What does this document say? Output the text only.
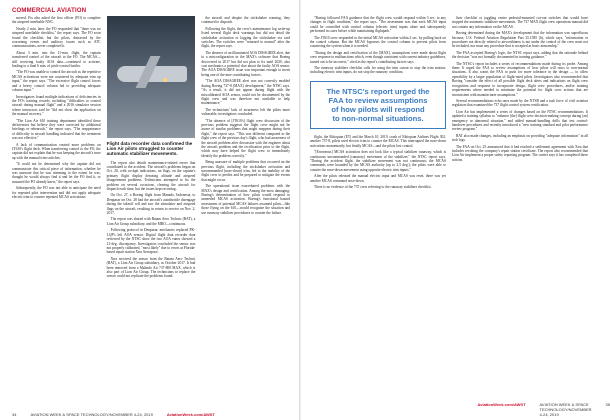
COMMERCIAL AVIATION

moved, Fix also asked the first officer (FO) to complete the airspeed unreliable NNC.

Nearly 2 min. later, the FO responded that "there was no airspeed unreliable checklist," the report says. The FO soon found the checklist, but the pilots, distracted by the worsening events and auditory issues such as ATC communications, never completed it.

About 3 min. into the 11-min. flight, the captain transferred control of the aircraft to the FO. The MCAS—still receiving faulty AOA data—continued to activate, leading to a final 6 min. of pitch-control battles.

"The FO was unable to control the aircraft as the repetitive MCAS activations were not countered by adequate trim up input," the report says. "The excessive flight control forces and a heavy control column led to providing adequate column input."

Investigators found multiple indications of deficiencies in the FO's training records, including "difficulties to control aircraft during manual flight" and a 2016 simulator session where instructors said he "did not show the application on the manual recovery."

"The Lion Air 610 training department identified these deficiencies but believe they were corrected by additional briefings or rehearsals," the report says. "The reappearance of difficulty to aircraft handling indicated that the treatment was not effective."

A lack of communication created more problems on JT610's flight deck. When transferring control to the FO, the captain did not explain that he was keeping the aircraft's nose up with the manual trim switches.

"It could not be determined why the captain did not communicate this critical piece of information, whether he was unaware that he was trimming to the extent he was, thought he would always find it and let the FO find it, or assumed the FO already knew," the report says.

Subsequently, the FO was not able to anticipate the need for repeated pilot intervention and did not apply adequate electric trim to counter repeated MCAS activations.

Flight data recorder data confirmed the Lion Air pilots struggled to counter automatic stabilizer movements.

The report also details maintenance-related errors that contributed to the accident. The aircraft's problems began on Oct. 26, with cockpit indications, on flags, on the captain's primary flight display denoting altitude and airspeed disagreement problems. Technicians attempted to fix the problem on several occasions, clearing the aircraft for dispatch each time, but the issues kept recurring.

On Oct. 27, a Boeing flight from Manado, Indonesia, to Denpasar on Oct. 28 had the aircraft's autothrottle disengage during the takeoff roll and saw the stimulator and airspeed flags on the aircraft, resulting in return to service on Nov. 2, 2017.

The report was shared with Batam Aero Technic (BAT), a Lion Air Group subsidiary, and the MRO—continuous.

Following protocol in Denpasar, mechanics replaced PK-LQP's left AOA sensor. Digital flight data recorder data reviewed by the NTSC show the two AOA vanes showed a 21-deg. discrepancy. Investigators concluded the sensor was not properly calibrated, "most likely" due to errors at Florida-based repair station Xtra Aerospace.

Xtra received the sensor from the Batam Aero Technic (BAT), a Lion Air Group subsidiary, in October 2017. It had been removed from a Malindo Air 737-800 MAX, which is also part of Lion Air Group. The technicians to replace the sensor could not replicate the problems found.

the aircraft and despite the stickshaker warning, they continued to dispatch.

Following the flight, the crew's maintenance log write-up listed several flight deck warnings but did not detail the stickshaker activation or logging the stickshaker via card switches. The switches were "returned to normal" after the flight, the report says.

The absence of an illuminated AOA DISAGREE alert, due to a misconfiguration in the MAX's software that Boeing discovered in 2017 but did not plan to fix until 2020, also cost mechanics a potential clue about the faulty AOA sensor. The AOA DISAGREE issue was important enough to merit being one of the nine contributing factors.

"The AOA DISAGREE alert was not correctly enabled during Boeing 737-8 (MAX) development," the NTSC says. "As a result, it did not appear during flight with the miscalibrated AOA sensor, could not be documented by the flight crew and was therefore not available to help maintenance."

The technicians' lack of awareness left the pilots more vulnerable, investigators concluded.

"The absence of [JT610's] flight crew discussion of the previous problem suggests the flight crew might not be aware of similar problems that might reappear during their flight," the report says. "This was different compared to the flight crew of the previous day's flight, who had awareness of the aircraft problem after discussion with the engineer about the aircraft problem and the rectification prior to the flight, which may have helped the flight crew to immediately identify the problem correctly."

Being unaware of multiple problems that occurred on the previous flight, including the stickshaker activation and uncommanded (nose-down) trim, led to the inability of the flight crew to predict and be prepared to mitigate the events that might occur.

The operational issue exacerbated problems with the MAX's design and certification. Among the most damaging: Boeing's determination of how pilots would respond to unneeded MCAS activation. Boeing's functional hazard assessment of potential MCAS failures assumed pilots—like those flying on the 610—would recognize the situation and use runaway stabilizer procedures to counter the failure.

34	AVIATION WEEK & SPACE TECHNOLOGY/NOVEMBER 4-24, 2019	AviationWeek.com/AWST

"Boeing followed FAA guidance that the flight crew would respond within 3 sec. to any changes in flight condition," the report says. "The assessment was that each MCAS input could be controlled with control column (electric trim) inputs alone and subsequently performed in cases before while maintaining flightpath."

The JT610 crew responded to the initial MCAS activation within 2 sec. by pulling back on the control column. But the MCAS bypasses the control column to prevent pilots from countering the system when it is needed.

"During the design and certification of the [MAX], assumptions were made about flight crew response to malfunctions which, even though consistent with current industry guidelines, turned out to be incorrect," cited as the report's contributing factors says.

The runaway stabilizer checklist calls for using the trim cutout to stop the trim motion, including electric trim inputs, do not stop the runaway condition.

The NTSC's report urged the
FAA to review assumptions
of how pilots will respond
to non-normal situations.

flight, the Ethiopian (ET) and the March 10, 2019, crash of Ethiopian Airlines Flight 302, another 737-8, pilots used electric trim to counter the MCAS. This interrupted the nose-down activations momentarily, but finally MCAS—and the pilots lost control.

"[Erroneous] MCAS activation does not look like a typical stabilizer runaway, which is continuous uncommanded (runaway) movement of the stabilizer," the NTSC report says. "During the accident flight, the stabilizer movement was not continuous; the MCAS commands were bounded by the MCAS authority (up to 2.5 deg.); the pilots were able to counter the nose-down movement using opposite electric trim inputs."

After the pilots released the manual electric input and MCAS was reset, there was yet another MCAS command nose-down.

There is no evidence of the 737 crew referring to the runaway stabilizer checklist.

lizer checklist or juggling center pedestal-mounted cut-out switches that would have stopped the automatic stabilizer movements. The 737 MAX flight crew operations manual did not contain any information on the MCAS.

Boeing determined during the MAX's development that the information was superfluous because, U.S. Federal Aviation Regulation Part 25.1585 (h), which says, "information or procedures not directly related to airworthiness is not under the control of the crew must not be included, nor must any procedure that is accepted as basic airmanship."

The FAA accepted Boeing's logic, the NTSC report says, adding that the rationale behind the decision "was not formally documented in training guidance."

The NTSC's report includes a series of recommendations made during its probe. Among them: It urged the FAA to review assumptions of how pilots will react to non-normal situations. It also wants the FAA to push for more tolerance in the design — to allow operability by a larger population of flight-rated pilots. Investigators also recommended that Boeing "consider the effect of all possible flight deck alerts and indications on flight crew recognition and response to incorporate design, flight crew procedures, and/or training requirements where needed to minimize the potential for flight crew actions that are inconsistent with manufacturer assumptions."

Several recommendations echo ones made by the NTSB and a task force of civil aviation regulators that examined the 737 flight control system certification.

Lion Air has implemented a series of changes based on the NTSC recommendations. It updated a training syllabus to "enhance [the] flight crew decision-making concept during [an] emergency or abnormal situation," and added manual-handling drills that test control-handover procedures and recently introduced a "new training standard and pilot performance review program."

BAT also made changes, including an emphasis on providing "adequate information" in all tech logs.

The FAA on Oct. 25 announced that it had reached a settlement agreement with Xtra that includes revoking the company's repair station certificate. The report also recommended that Lion Air implement a proper safety reporting program. The carrier says it has completed these actions.

AviationWeek.com/AWST	AVIATION WEEK & SPACE TECHNOLOGY/NOVEMBER 4-24, 2019
35
